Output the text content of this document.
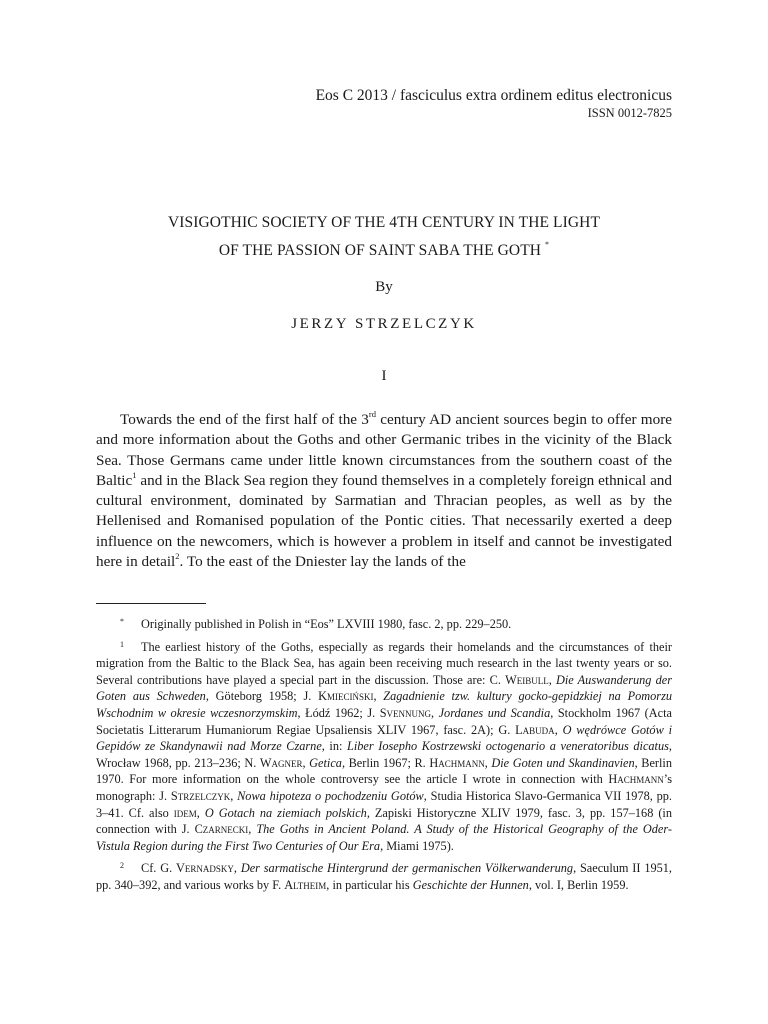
Eos C 2013 / fasciculus extra ordinem editus electronicus
ISSN 0012-7825
VISIGOTHIC SOCIETY OF THE 4TH CENTURY IN THE LIGHT
OF THE PASSION OF SAINT SABA THE GOTH *
By
JERZY STRZELCZYK
I

Towards the end of the first half of the 3rd century AD ancient sources begin to offer more and more information about the Goths and other Germanic tribes in the vicinity of the Black Sea. Those Germans came under little known circumstances from the southern coast of the Baltic$^1$ and in the Black Sea region they found themselves in a completely foreign ethnical and cultural environment, dominated by Sarmatian and Thracian peoples, as well as by the Hellenised and Romanised population of the Pontic cities. That necessarily exerted a deep influence on the newcomers, which is however a problem in itself and cannot be investigated here in detail$^2$. To the east of the Dniester lay the lands of the

* Originally published in Polish in “Eos” LXVIII 1980, fasc. 2, pp. 229–250.

1 The earliest history of the Goths, especially as regards their homelands and the circumstances of their migration from the Baltic to the Black Sea, has again been receiving much research in the last twenty years or so. Several contributions have played a special part in the discussion. Those are: C. Weibull, Die Auswanderung der Goten aus Schweden, Göteborg 1958; J. Kmieciński, Zagadnienie tzw. kultury gocko-gepidzkiej na Pomorzu Wschodnim w okresie wczesnorzymskim, Łódź 1962; J. Svennung, Jordanes und Scandia, Stockholm 1967 (Acta Societatis Litterarum Humaniorum Regiae Upsaliensis XLIV 1967, fasc. 2A); G. Labuda, O wędrówce Gotów i Gepidów ze Skandynawii nad Morze Czarne, in: Liber Iosepho Kostrzewski octogenario a veneratoribus dicatus, Wrocław 1968, pp. 213–236; N. Wagner, Getica, Berlin 1967; R. Hachmann, Die Goten und Skandinavien, Berlin 1970. For more information on the whole controversy see the article I wrote in connection with Hachmann’s monograph: J. Strzelczyk, Nowa hipoteza o pochodzeniu Gotów, Studia Historica Slavo-Germanica VII 1978, pp. 3–41. Cf. also idem, O Gotach na ziemiach polskich, Zapiski Historyczne XLIV 1979, fasc. 3, pp. 157–168 (in connection with J. Czarnecki, The Goths in Ancient Poland. A Study of the Historical Geography of the Oder-Vistula Region during the First Two Centuries of Our Era, Miami 1975).

2 Cf. G. Vernadsky, Der sarmatische Hintergrund der germanischen Völkerwanderung, Saeculum II 1951, pp. 340–392, and various works by F. Altheim, in particular his Geschichte der Hunnen, vol. I, Berlin 1959.
